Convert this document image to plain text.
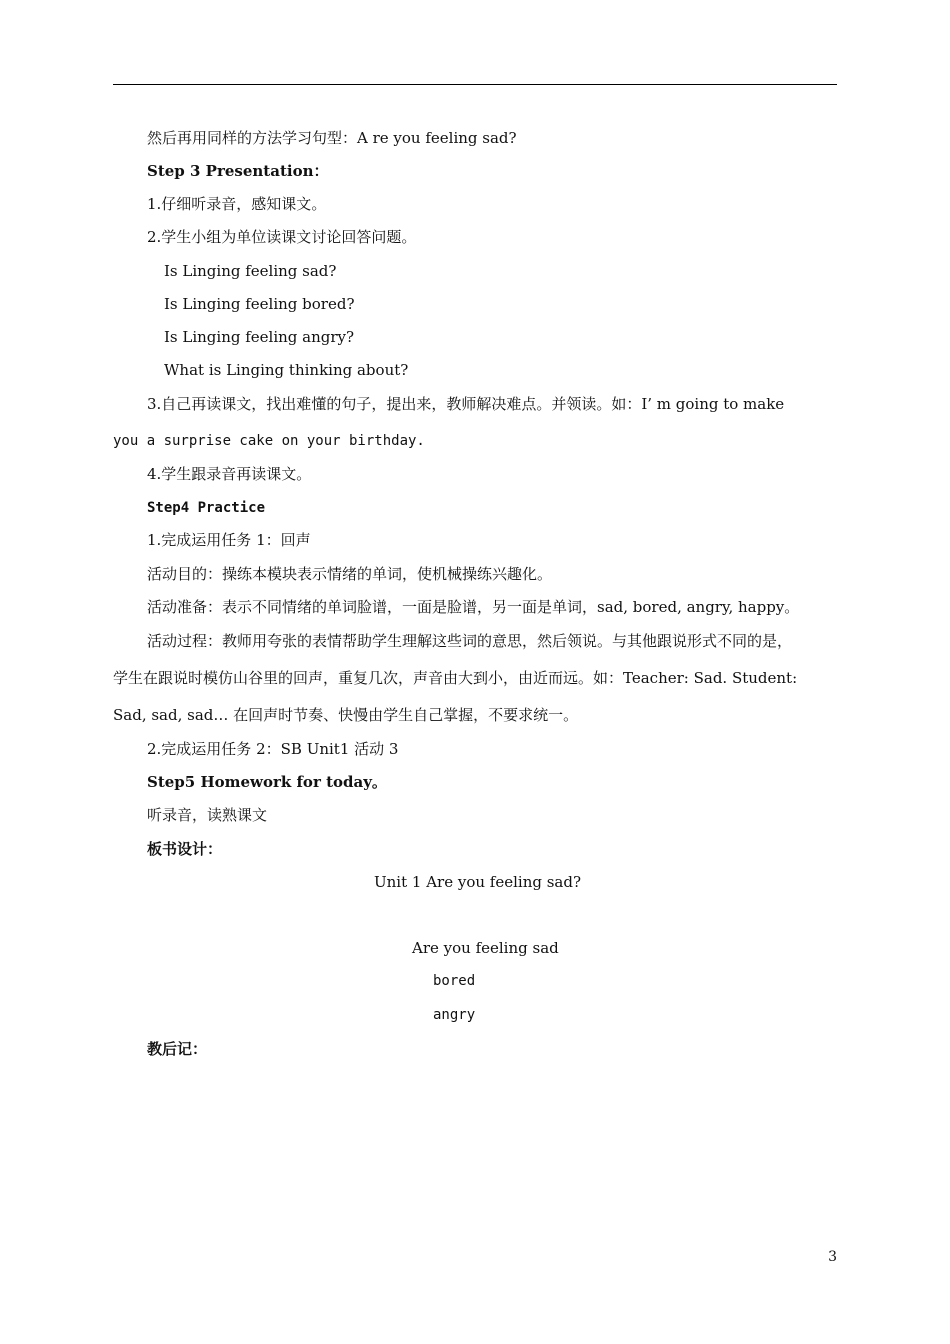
然后再用同样的方法学习句型：A re you feeling sad?
Step 3 Presentation：
1.仔细听录音，感知课文。
2.学生小组为单位读课文讨论回答问题。
Is Linging feeling sad?
Is Linging feeling bored?
Is Linging feeling angry?
What is Linging thinking about?
3.自己再读课文，找出难懂的句子，提出来，教师解决难点。并领读。如：I’ m going to make
you a surprise cake on your birthday.
4.学生跟录音再读课文。
Step4 Practice
1.完成运用任务 1：回声
活动目的：操练本模块表示情绪的单词，使机械操练兴趣化。
活动准备：表示不同情绪的单词脸谱，一面是脸谱，另一面是单词，sad, bored, angry, happy。
活动过程：教师用夸张的表情帮助学生理解这些词的意思，然后领说。与其他跟说形式不同的是，
学生在跟说时模仿山谷里的回声，重复几次，声音由大到小，由近而远。如：Teacher: Sad. Student:
Sad, sad, sad… 在回声时节奏、快慢由学生自己掌握，不要求统一。
2.完成运用任务 2：SB Unit1 活动 3
Step5 Homework for today。
听录音，读熟课文
板书设计：
Unit 1 Are you feeling sad?
Are you feeling sad
bored
angry
教后记：
3
